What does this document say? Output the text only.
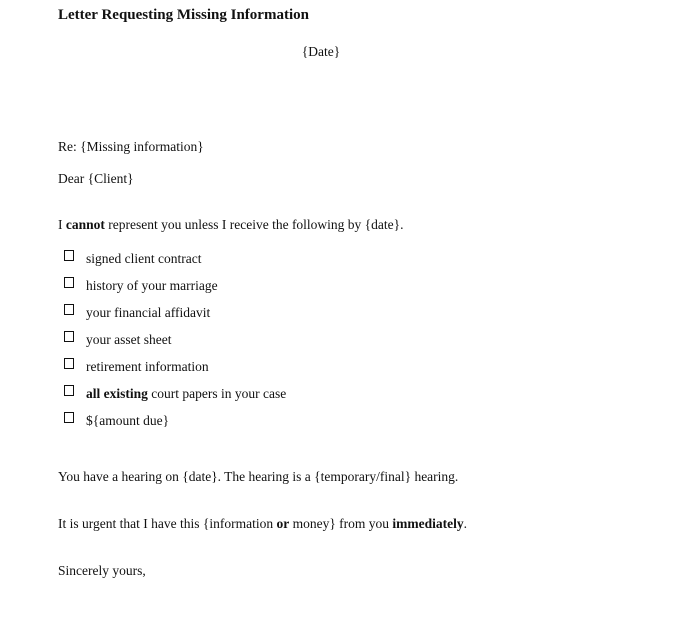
Letter Requesting Missing Information
{Date}
Re: {Missing information}
Dear {Client}
I cannot represent you unless I receive the following by {date}.
signed client contract
history of your marriage
your financial affidavit
your asset sheet
retirement information
all existing court papers in your case
${amount due}
You have a hearing on {date}. The hearing is a {temporary/final} hearing.
It is urgent that I have this {information or money} from you immediately.
Sincerely yours,
